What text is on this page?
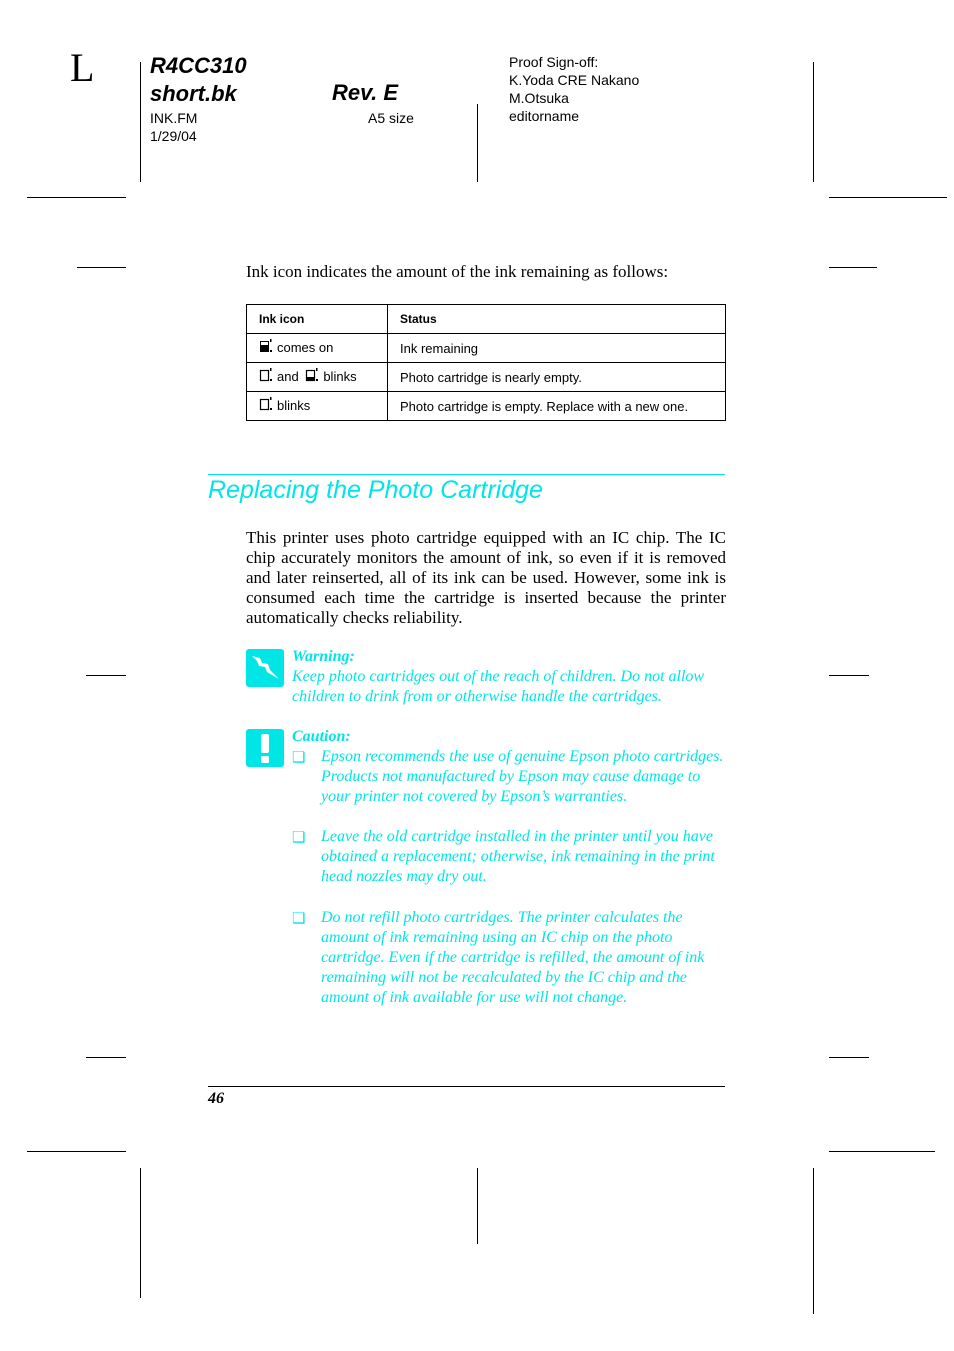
L	R4CC310
short.bk	Rev. E
INK.FM
1/29/04
A5 size
Proof Sign-off:
K.Yoda CRE Nakano
M.Otsuka
editorname
Ink icon indicates the amount of the ink remaining as follows:
Ink icon	Status
comes on	Ink remaining
and blinks	Photo cartridge is nearly empty.
blinks	Photo cartridge is empty. Replace with a new one.
Replacing the Photo Cartridge
This printer uses photo cartridge equipped with an IC chip. The IC chip accurately monitors the amount of ink, so even if it is removed and later reinserted, all of its ink can be used. However, some ink is consumed each time the cartridge is inserted because the printer automatically checks reliability.
Warning:
Keep photo cartridges out of the reach of children. Do not allow children to drink from or otherwise handle the cartridges.
Caution:
❏ Epson recommends the use of genuine Epson photo cartridges. Products not manufactured by Epson may cause damage to your printer not covered by Epson’s warranties.
❏ Leave the old cartridge installed in the printer until you have obtained a replacement; otherwise, ink remaining in the print head nozzles may dry out.
❏ Do not refill photo cartridges. The printer calculates the amount of ink remaining using an IC chip on the photo cartridge. Even if the cartridge is refilled, the amount of ink remaining will not be recalculated by the IC chip and the amount of ink available for use will not change.
46
